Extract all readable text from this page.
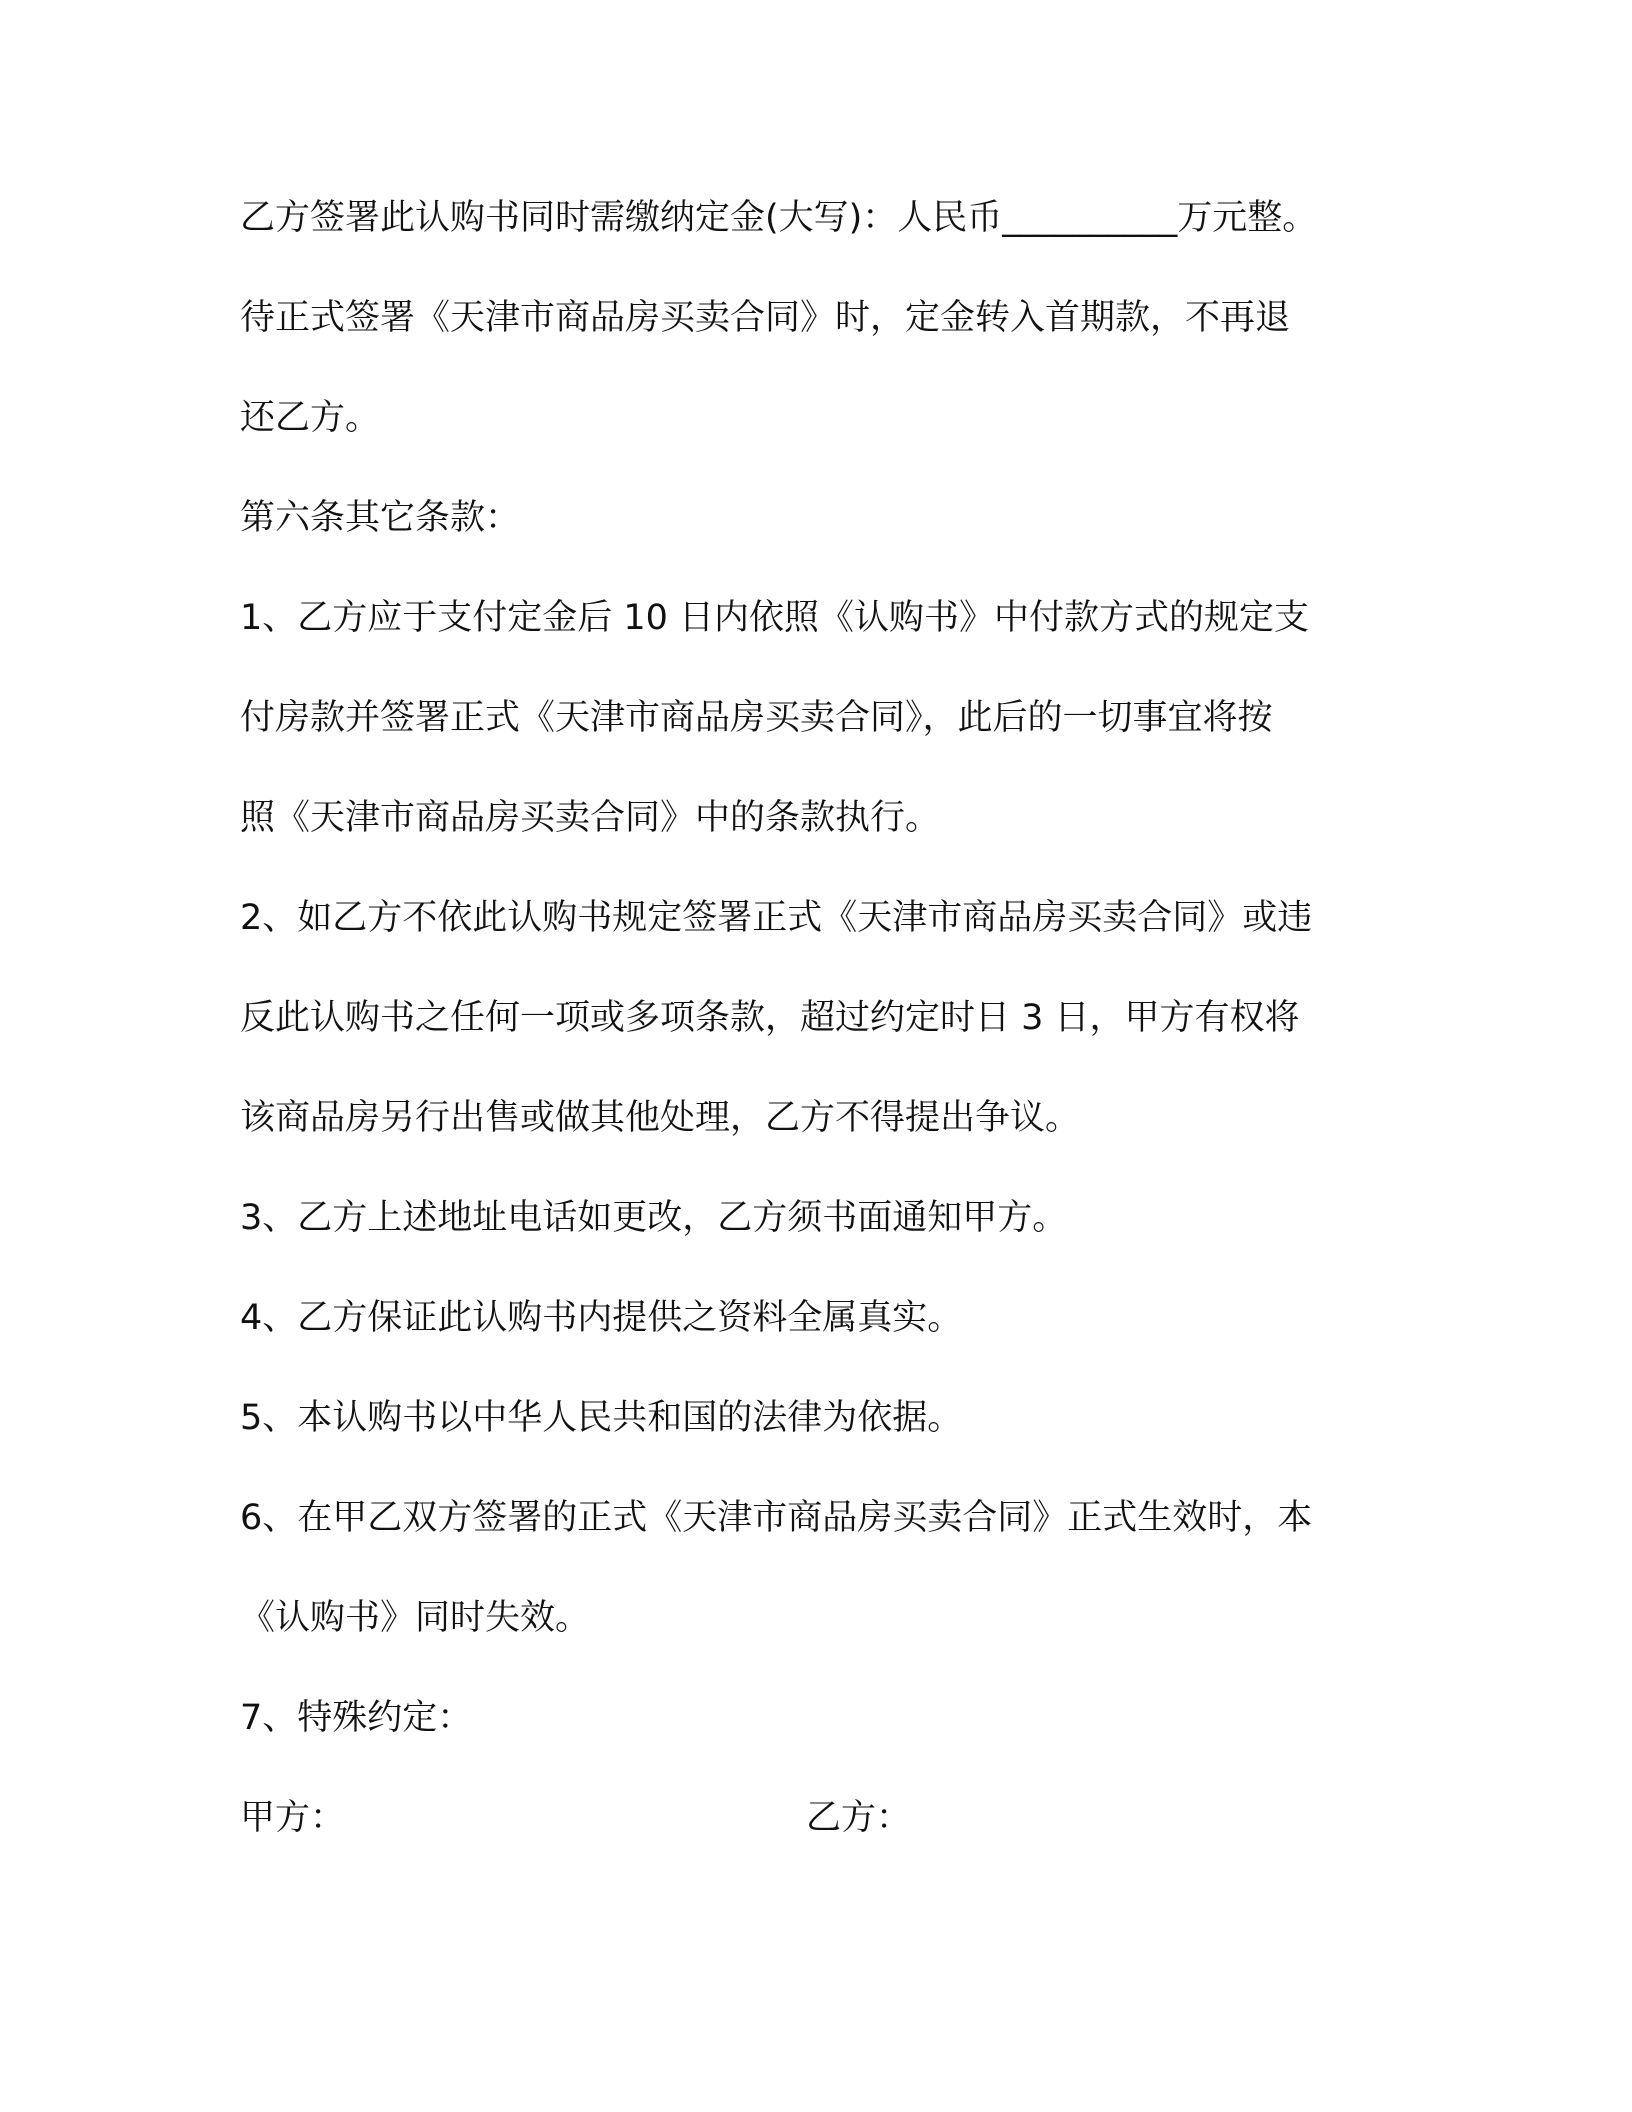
乙方签署此认购书同时需缴纳定金(大写)：人民币__________万元整。
待正式签署《天津市商品房买卖合同》时，定金转入首期款，不再退
还乙方。
第六条其它条款：
1、乙方应于支付定金后 10 日内依照《认购书》中付款方式的规定支
付房款并签署正式《天津市商品房买卖合同》，此后的一切事宜将按
照《天津市商品房买卖合同》中的条款执行。
2、如乙方不依此认购书规定签署正式《天津市商品房买卖合同》或违
反此认购书之任何一项或多项条款，超过约定时日 3 日，甲方有权将
该商品房另行出售或做其他处理，乙方不得提出争议。
3、乙方上述地址电话如更改，乙方须书面通知甲方。
4、乙方保证此认购书内提供之资料全属真实。
5、本认购书以中华人民共和国的法律为依据。
6、在甲乙双方签署的正式《天津市商品房买卖合同》正式生效时，本
《认购书》同时失效。
7、特殊约定：
甲方：	乙方：
